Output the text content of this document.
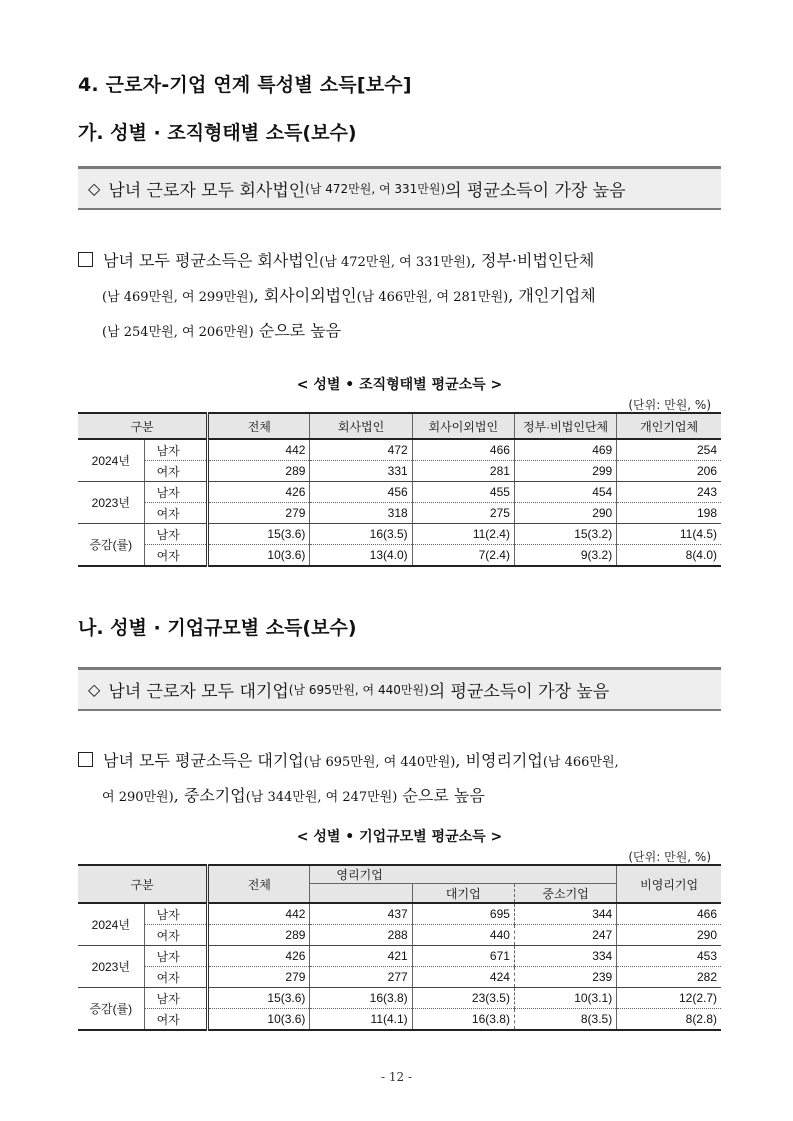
4. 근로자-기업 연계 특성별 소득[보수]
가. 성별 · 조직형태별 소득(보수)
◇ 남녀 근로자 모두 회사법인 (남 472만원, 여 331만원) 의 평균소득이 가장 높음
남녀 모두 평균소득은 회사법인(남 472만원, 여 331만원), 정부·비법인단체
(남 469만원, 여 299만원), 회사이외법인(남 466만원, 여 281만원), 개인기업체
(남 254만원, 여 206만원) 순으로 높음
< 성별 • 조직형태별 평균소득 >
(단위: 만원, %)
구분		전체	회사법인	회사이외법인	정부·비법인단체	개인기업체
2024년	남자	442	472	466	469	254
	여자	289	331	281	299	206
2023년	남자	426	456	455	454	243
	여자	279	318	275	290	198
증감(률)	남자	15(3.6)	16(3.5)	11(2.4)	15(3.2)	11(4.5)
	여자	10(3.6)	13(4.0)	7(2.4)	9(3.2)	8(4.0)
나. 성별 · 기업규모별 소득(보수)
◇ 남녀 근로자 모두 대기업 (남 695만원, 여 440만원) 의 평균소득이 가장 높음
남녀 모두 평균소득은 대기업(남 695만원, 여 440만원), 비영리기업(남 466만원,
여 290만원), 중소기업(남 344만원, 여 247만원) 순으로 높음
< 성별 • 기업규모별 평균소득 >
(단위: 만원, %)
구분		전체	영리기업			비영리기업
				대기업	중소기업	
2024년	남자	442	437	695	344	466
	여자	289	288	440	247	290
2023년	남자	426	421	671	334	453
	여자	279	277	424	239	282
증감(률)	남자	15(3.6)	16(3.8)	23(3.5)	10(3.1)	12(2.7)
	여자	10(3.6)	11(4.1)	16(3.8)	8(3.5)	8(2.8)
- 12 -
